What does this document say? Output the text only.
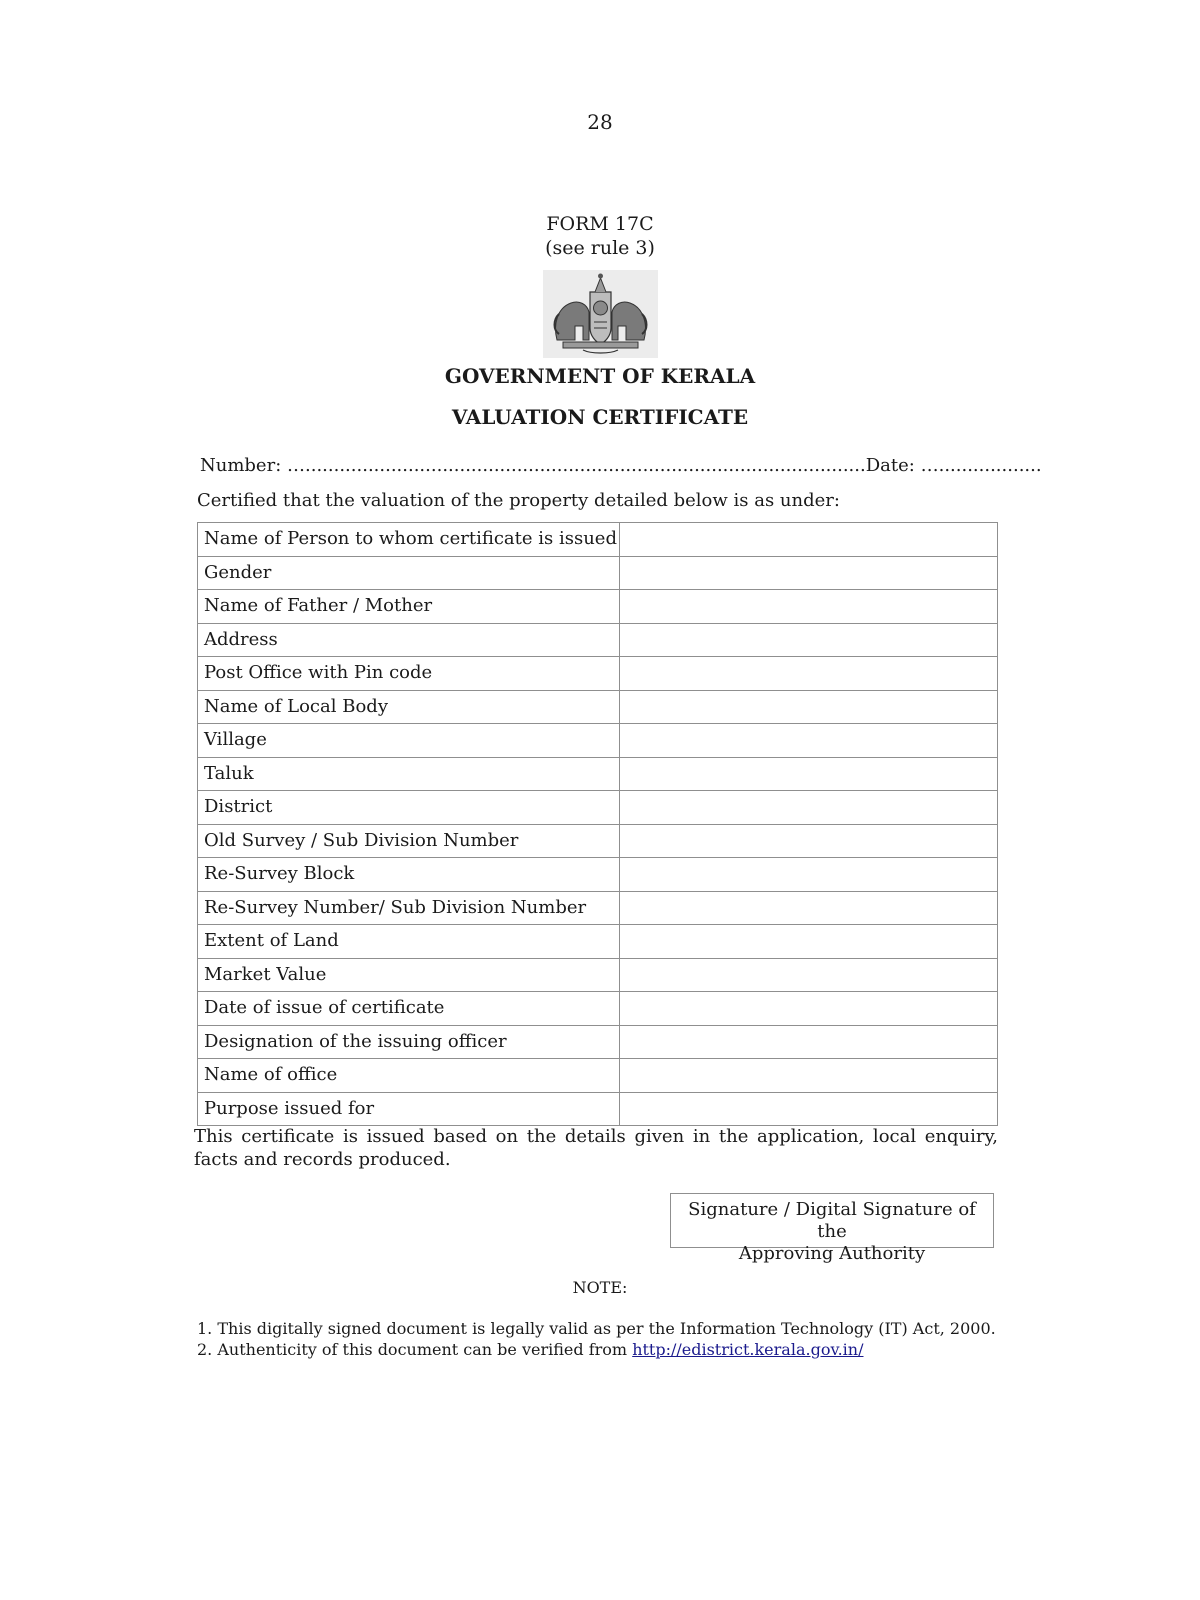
28
FORM 17C
(see rule 3)
GOVERNMENT OF KERALA
VALUATION CERTIFICATE
Number: …..................................................................................................Date: …..................
Certified that the valuation of the property detailed below is as under:
Name of Person to whom certificate is issued	
Gender	
Name of Father / Mother	
Address	
Post Office with Pin code	
Name of Local Body	
Village	
Taluk	
District	
Old Survey / Sub Division Number	
Re-Survey Block	
Re-Survey Number/ Sub Division Number	
Extent of Land	
Market Value	
Date of issue of certificate	
Designation of the issuing officer	
Name of office	
Purpose issued for	
This certificate is issued based on the details given in the application, local enquiry, facts and records produced.
Signature / Digital Signature of the
Approving Authority
NOTE:
1. This digitally signed document is legally valid as per the Information Technology (IT) Act, 2000.
2. Authenticity of this document can be verified from http://edistrict.kerala.gov.in/
